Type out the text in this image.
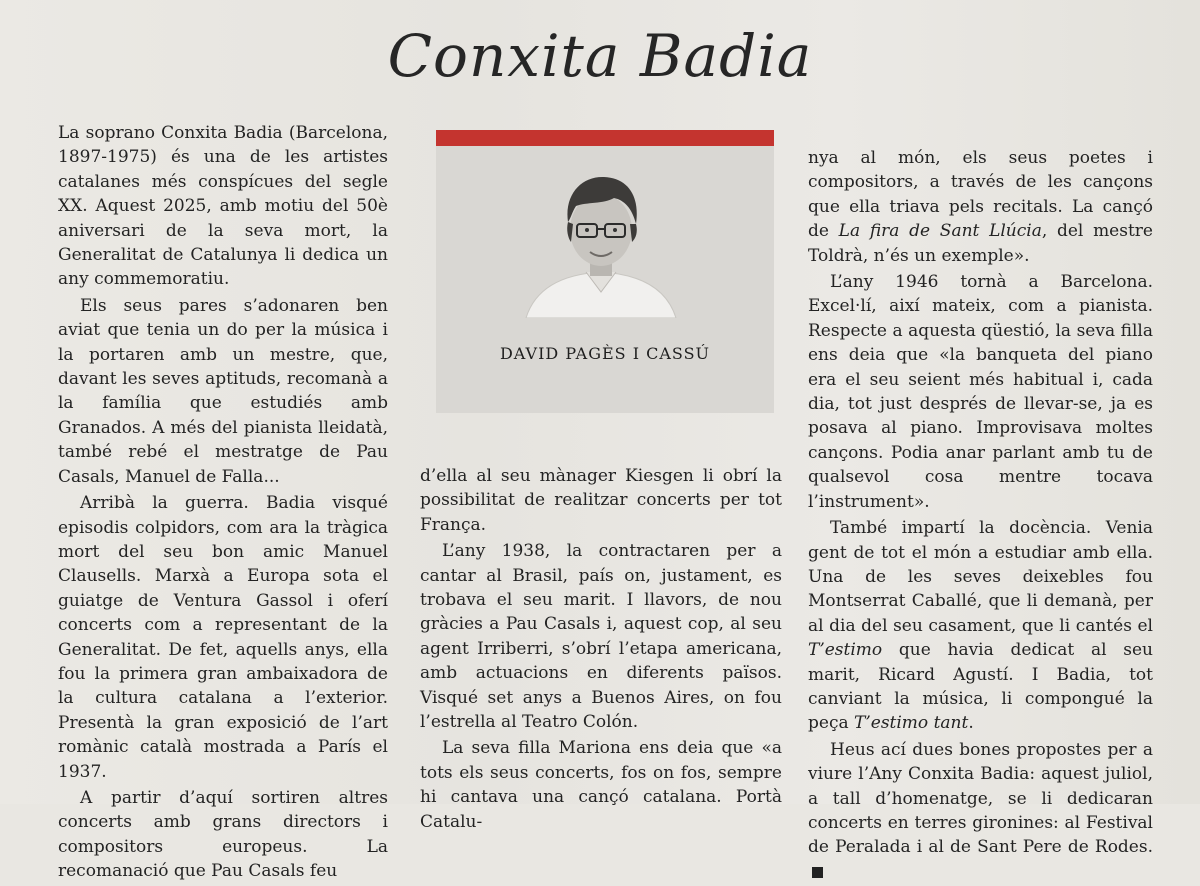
Conxita Badia

La soprano Conxita Badia (Barcelona, 1897-1975) és una de les artistes catalanes més conspícues del segle XX. Aquest 2025, amb motiu del 50è aniversari de la seva mort, la Generalitat de Catalunya li dedica un any commemoratiu.

Els seus pares s’adonaren ben aviat que tenia un do per la música i la portaren amb un mestre, que, davant les seves aptituds, recomanà a la família que estudiés amb Granados. A més del pianista lleidatà, també rebé el mestratge de Pau Casals, Manuel de Falla...

Arribà la guerra. Badia visqué episodis colpidors, com ara la tràgica mort del seu bon amic Manuel Clausells. Marxà a Europa sota el guiatge de Ventura Gassol i oferí concerts com a representant de la Generalitat. De fet, aquells anys, ella fou la primera gran ambaixadora de la cultura catalana a l’exterior. Presentà la gran exposició de l’art romànic català mostrada a París el 1937.

A partir d’aquí sortiren altres concerts amb grans directors i compositors europeus. La recomanació que Pau Casals feu

DAVID PAGÈS I CASSÚ

d’ella al seu mànager Kiesgen li obrí la possibilitat de realitzar concerts per tot França.

L’any 1938, la contractaren per a cantar al Brasil, país on, justament, es trobava el seu marit. I llavors, de nou gràcies a Pau Casals i, aquest cop, al seu agent Irriberri, s’obrí l’etapa americana, amb actuacions en diferents països. Visqué set anys a Buenos Aires, on fou l’estrella al Teatro Colón.

La seva filla Mariona ens deia que «a tots els seus concerts, fos on fos, sempre hi cantava una cançó catalana. Portà Catalu-

nya al món, els seus poetes i compositors, a través de les cançons que ella triava pels recitals. La cançó de La fira de Sant Llúcia, del mestre Toldrà, n’és un exemple».

L’any 1946 tornà a Barcelona. Excel·lí, així mateix, com a pianista. Respecte a aquesta qüestió, la seva filla ens deia que «la banqueta del piano era el seu seient més habitual i, cada dia, tot just després de llevar-se, ja es posava al piano. Improvisava moltes cançons. Podia anar parlant amb tu de qualsevol cosa mentre tocava l’instrument».

També impartí la docència. Venia gent de tot el món a estudiar amb ella. Una de les seves deixebles fou Montserrat Caballé, que li demanà, per al dia del seu casament, que li cantés el T’estimo que havia dedicat al seu marit, Ricard Agustí. I Badia, tot canviant la música, li compongué la peça T’estimo tant.

Heus ací dues bones propostes per a viure l’Any Conxita Badia: aquest juliol, a tall d’homenatge, se li dedicaran concerts en terres gironines: al Festival de Peralada i al de Sant Pere de Rodes.
